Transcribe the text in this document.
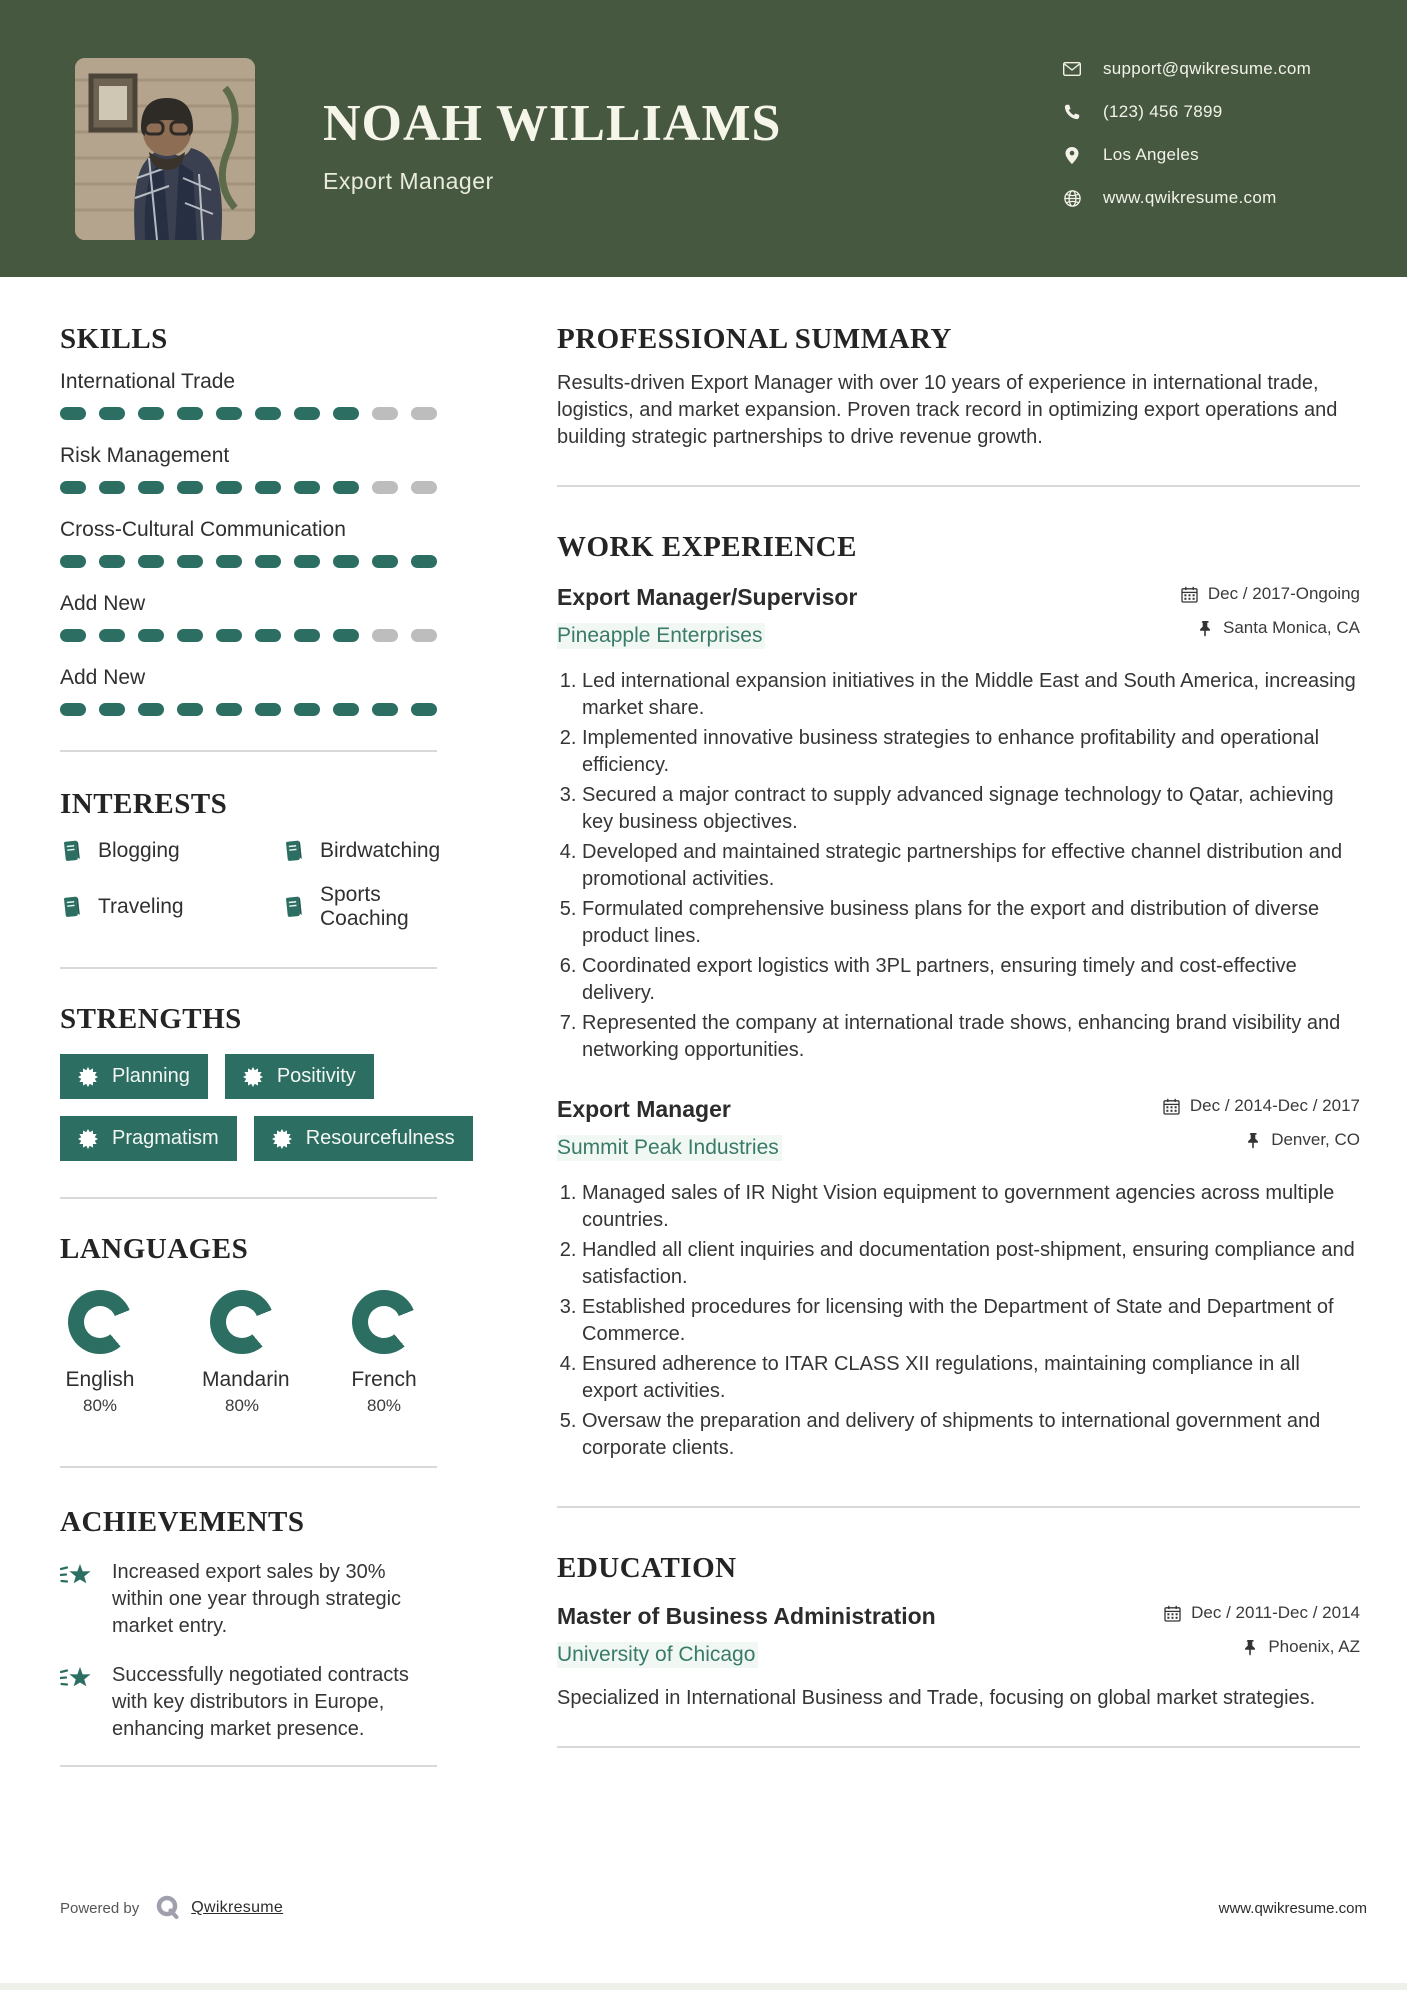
NOAH WILLIAMS
Export Manager
support@qwikresume.com
(123) 456 7899
Los Angeles
www.qwikresume.com
SKILLS
International Trade
Risk Management
Cross-Cultural Communication
Add New
Add New
INTERESTS
Blogging	Birdwatching
Traveling
Sports Coaching
STRENGTHS
Planning	Positivity
Pragmatism	Resourcefulness
LANGUAGES
English
80%
Mandarin
80%
French
80%
ACHIEVEMENTS
Increased export sales by 30% within one year through strategic market entry.
Successfully negotiated contracts with key distributors in Europe, enhancing market presence.
PROFESSIONAL SUMMARY

Results-driven Export Manager with over 10 years of experience in international trade, logistics, and market expansion. Proven track record in optimizing export operations and building strategic partnerships to drive revenue growth.

WORK EXPERIENCE
Export Manager/Supervisor
Pineapple Enterprises
Dec / 2017-Ongoing
Santa Monica, CA
1. Led international expansion initiatives in the Middle East and South America, increasing market share.
2. Implemented innovative business strategies to enhance profitability and operational efficiency.
3. Secured a major contract to supply advanced signage technology to Qatar, achieving key business objectives.
4. Developed and maintained strategic partnerships for effective channel distribution and promotional activities.
5. Formulated comprehensive business plans for the export and distribution of diverse product lines.
6. Coordinated export logistics with 3PL partners, ensuring timely and cost-effective delivery.
7. Represented the company at international trade shows, enhancing brand visibility and networking opportunities.
Export Manager
Summit Peak Industries
Dec / 2014-Dec / 2017
Denver, CO
1. Managed sales of IR Night Vision equipment to government agencies across multiple countries.
2. Handled all client inquiries and documentation post-shipment, ensuring compliance and satisfaction.
3. Established procedures for licensing with the Department of State and Department of Commerce.
4. Ensured adherence to ITAR CLASS XII regulations, maintaining compliance in all export activities.
5. Oversaw the preparation and delivery of shipments to international government and corporate clients.
EDUCATION
Master of Business Administration
University of Chicago
Dec / 2011-Dec / 2014
Phoenix, AZ

Specialized in International Business and Trade, focusing on global market strategies.

Powered by	Qwikresume	www.qwikresume.com
